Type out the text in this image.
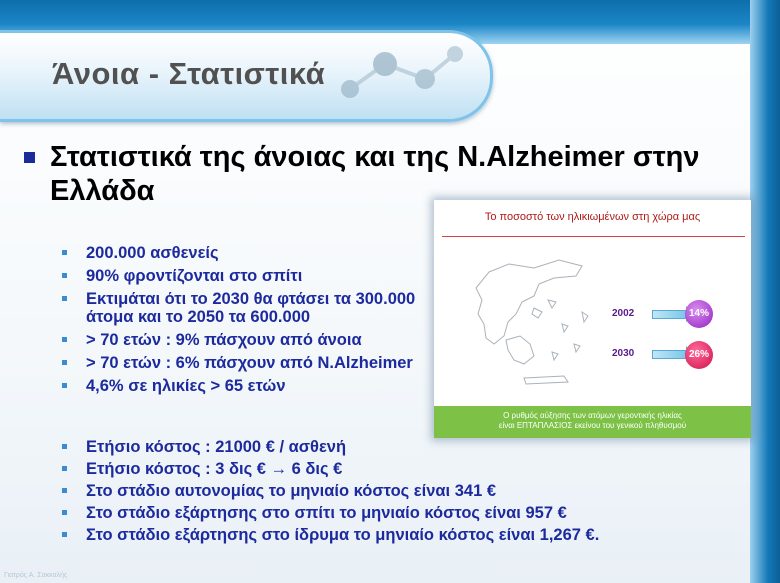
Άνοια - Στατιστικά
Στατιστικά της άνοιας και της Ν.Alzheimer στην Ελλάδα
200.000 ασθενείς
90% φροντίζονται στο σπίτι
Εκτιμάται ότι το 2030 θα φτάσει τα 300.000 άτομα και το 2050 τα 600.000
> 70 ετών : 9% πάσχουν από άνοια
> 70 ετών : 6% πάσχουν από Ν.Alzheimer
4,6% σε ηλικίες > 65 ετών
Ετήσιο κόστος : 21000 € / ασθενή
Ετήσιο κόστος : 3 δις € → 6 δις €
Στο στάδιο αυτονομίας το μηνιαίο κόστος είναι 341 €
Στο στάδιο εξάρτησης στο σπίτι το μηνιαίο κόστος είναι 957 €
Στο στάδιο εξάρτησης στο ίδρυμα το μηνιαίο κόστος είναι 1,267 €.
Το ποσοστό των ηλικιωμένων στη χώρα μας
2002	14%
2030	26%
Ο ρυθμός αύξησης των ατόμων γεροντικής ηλικίας
είναι ΕΠΤΑΠΛΑΣΙΟΣ εκείνου του γενικού πληθυσμού
Γιατρός Α. Σακκαλής
